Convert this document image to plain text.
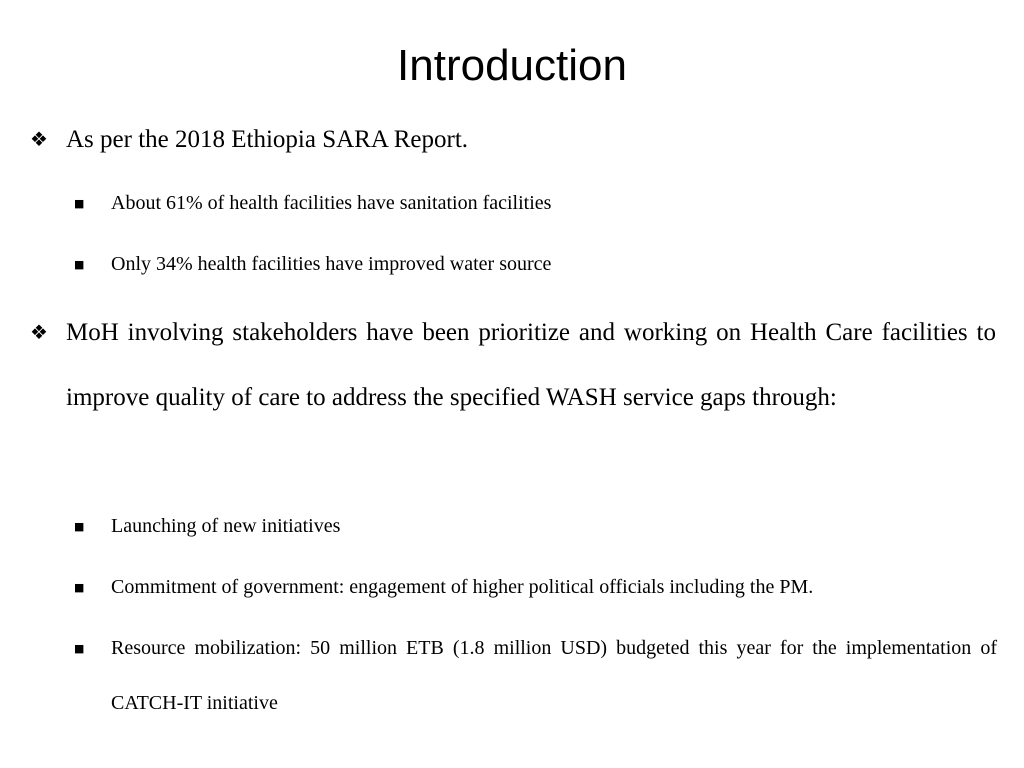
Introduction
❖ As per the 2018 Ethiopia SARA Report.
■ About 61% of health facilities have sanitation facilities
■ Only 34% health facilities have improved water source
❖ MoH involving stakeholders have been prioritize and working on Health Care facilities to improve quality of care to address the specified WASH service gaps through:
■ Launching of new initiatives
■ Commitment of government: engagement of higher political officials including the PM.
■ Resource mobilization: 50 million ETB (1.8 million USD) budgeted this year for the implementation of CATCH-IT initiative
